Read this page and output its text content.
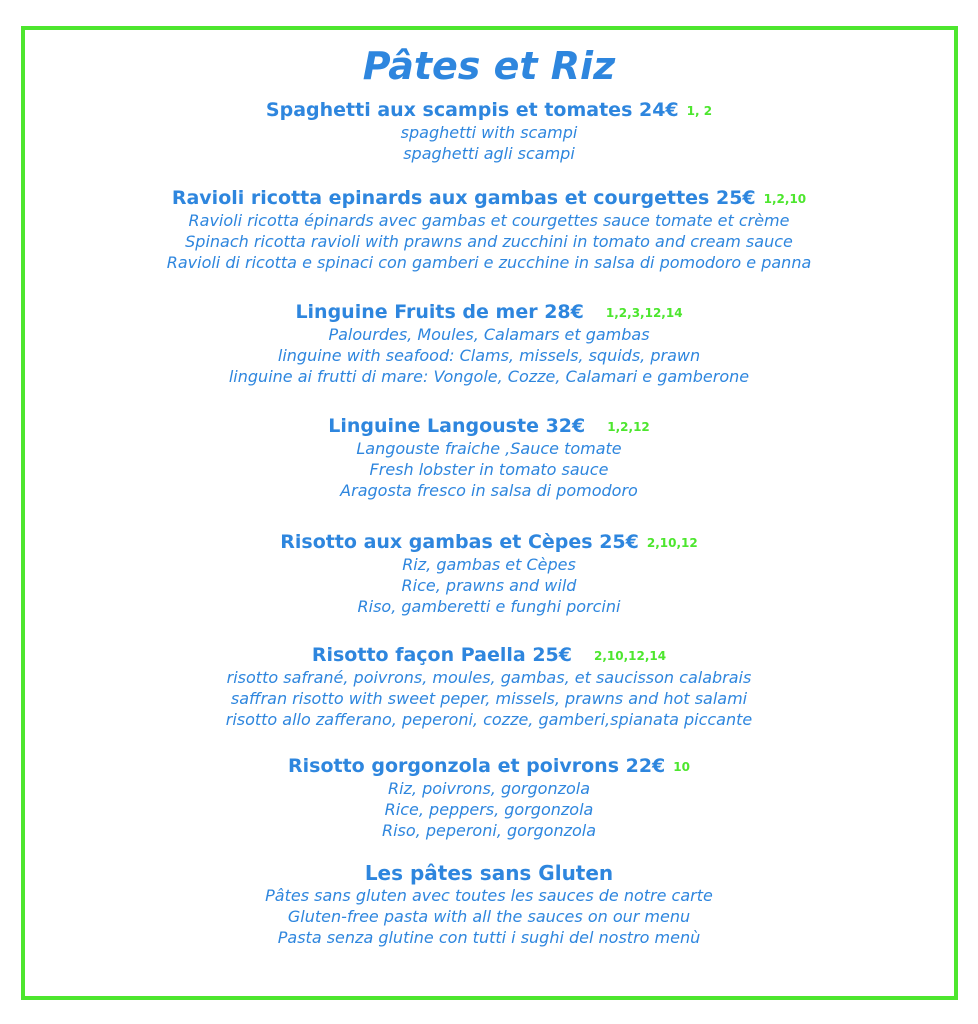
Pâtes et Riz
Spaghetti aux scampis et tomates 24€ 1, 2
spaghetti with scampi
spaghetti agli scampi
Ravioli ricotta epinards aux gambas et courgettes 25€ 1,2,10
Ravioli ricotta épinards avec gambas et courgettes sauce tomate et crème
Spinach ricotta ravioli with prawns and zucchini in tomato and cream sauce
Ravioli di ricotta e spinaci con gamberi e zucchine in salsa di pomodoro e panna
Linguine Fruits de mer 28€ 1,2,3,12,14
Palourdes, Moules, Calamars et gambas
linguine with seafood: Clams, missels, squids, prawn
linguine ai frutti di mare: Vongole, Cozze, Calamari e gamberone
Linguine Langouste 32€ 1,2,12
Langouste fraiche ,Sauce tomate
Fresh lobster in tomato sauce
Aragosta fresco in salsa di pomodoro
Risotto aux gambas et Cèpes 25€ 2,10,12
Riz, gambas et Cèpes
Rice, prawns and wild
Riso, gamberetti e funghi porcini
Risotto façon Paella 25€ 2,10,12,14
risotto safrané, poivrons, moules, gambas, et saucisson calabrais
saffran risotto with sweet peper, missels, prawns and hot salami
risotto allo zafferano, peperoni, cozze, gamberi,spianata piccante
Risotto gorgonzola et poivrons 22€ 10
Riz, poivrons, gorgonzola
Rice, peppers, gorgonzola
Riso, peperoni, gorgonzola
Les pâtes sans Gluten
Pâtes sans gluten avec toutes les sauces de notre carte
Gluten-free pasta with all the sauces on our menu
Pasta senza glutine con tutti i sughi del nostro menù
